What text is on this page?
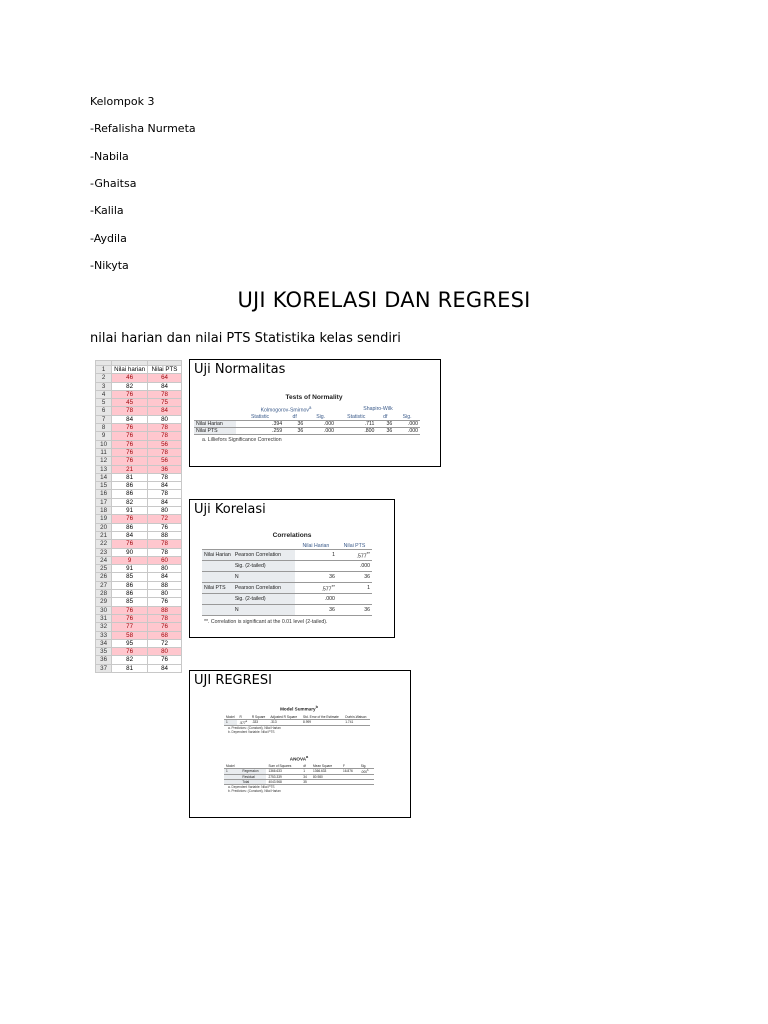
Kelompok 3
-Refalisha Nurmeta
-Nabila
-Ghaitsa
-Kalila
-Aydila
-Nikyta
UJI KORELASI DAN REGRESI
nilai harian dan nilai PTS Statistika kelas sendiri

1	Nilai harian	Nilai PTS
2	46	64
3	82	84
4	76	78
5	45	75
6	78	84
7	84	80
8	76	78
9	76	78
10	76	56
11	76	78
12	76	56
13	21	36
14	81	78
15	86	84
16	86	78
17	82	84
18	91	80
19	76	72
20	86	76
21	84	88
22	76	78
23	90	78
24	9	60
25	91	80
26	85	84
27	86	88
28	86	80
29	85	76
30	76	88
31	76	78
32	77	76
33	58	68
34	95	72
35	76	80
36	82	76
37	81	84
Uji Normalitas
Tests of Normality
	Kolmogorov-Smirnov$^a$			Shapiro-Wilk		
	Statistic	df	Sig.	Statistic	df	Sig.
Nilai Harian	.394	36	.000	.711	36	.000
Nilai PTS	.259	36	.000	.800	36	.000
a. Lilliefors Significance Correction
Uji Korelasi
Correlations
		Nilai Harian	Nilai PTS
Nilai Harian	Pearson Correlation	1	.577**
	Sig. (2-tailed)		.000
	N	36	36
Nilai PTS	Pearson Correlation	.577**	1
	Sig. (2-tailed)	.000	
	N	36	36
**. Correlation is significant at the 0.01 level (2-tailed).
UJI REGRESI
Model Summary$^b$
Model	R	R Square	Adjusted R Square	Std. Error of the Estimate	Durbin-Watson
1	.577$^a$	.333	.313	8.999	1.741
a. Predictors: (Constant), Nilai Harian
b. Dependent Variable: Nilai PTS
ANOVA$^a$
Model		Sum of Squares	df	Mean Square	F	Sig.
1	Regression	1366.633	1	1366.633	16.876	.000$^b$
	Residual	2753.339	34	80.980		
	Total	4043.968	35			
a. Dependent Variable: Nilai PTS
b. Predictors: (Constant), Nilai Harian
